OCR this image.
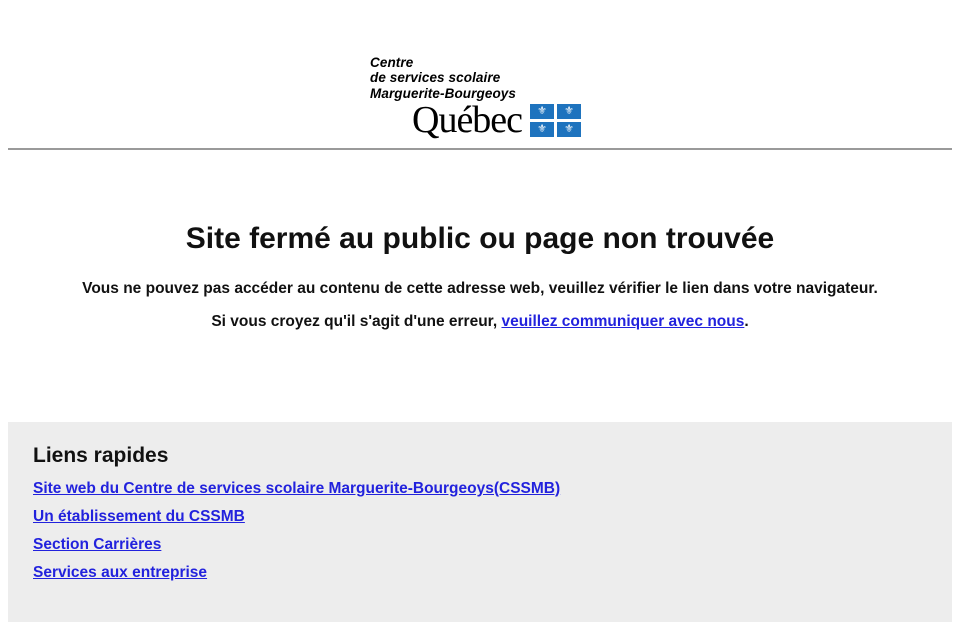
Centre
de services scolaire
Marguerite-Bourgeoys
Québec	⚜	⚜
⚜	⚜
Site fermé au public ou page non trouvée

Vous ne pouvez pas accéder au contenu de cette adresse web, veuillez vérifier le lien dans votre navigateur.

Si vous croyez qu'il s'agit d'une erreur, veuillez communiquer avec nous.

Liens rapides
Site web du Centre de services scolaire Marguerite-Bourgeoys(CSSMB)
Un établissement du CSSMB
Section Carrières
Services aux entreprise
